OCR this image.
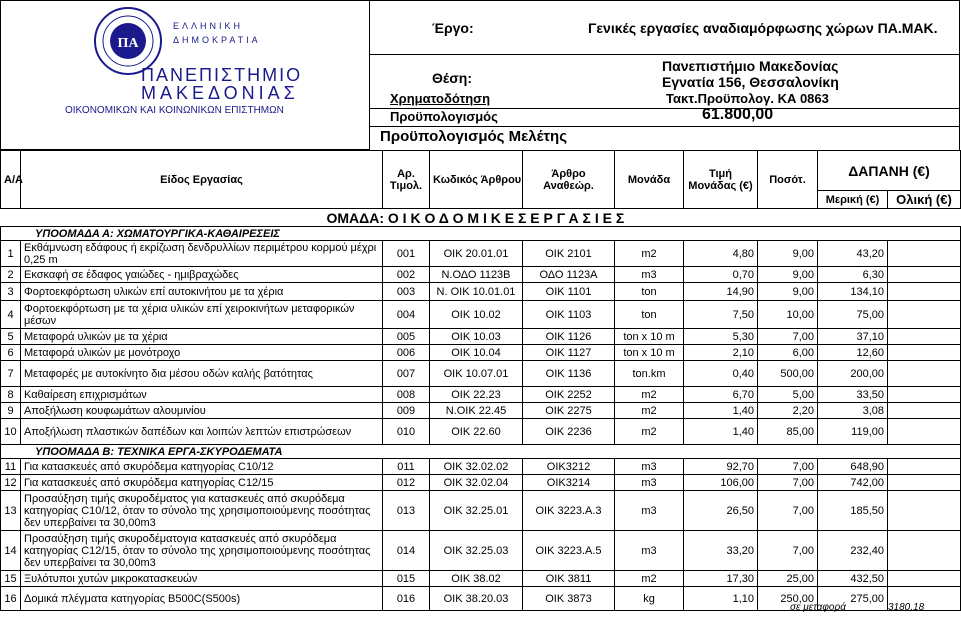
ΠΑ
ΕΛΛΗΝΙΚΗ
ΔΗΜΟΚΡΑΤΙΑ
ΠΑΝΕΠΙΣΤΗΜΙΟ
ΜΑΚΕΔΟΝΙΑΣ
ΟΙΚΟΝΟΜΙΚΩΝ ΚΑΙ ΚΟΙΝΩΝΙΚΩΝ ΕΠΙΣΤΗΜΩΝ
Έργο:	Γενικές εργασίες αναδιαμόρφωσης χώρων ΠΑ.ΜΑΚ.
Θέση:
Πανεπιστήμιο Μακεδονίας
Εγνατία 156, Θεσσαλονίκη
Χρηματοδότηση	Τακτ.Προϋπολογ. ΚΑ 0863
Προϋπολογισμός	61.800,00
Προϋπολογισμός Μελέτης
Α/Α	Είδος Εργασίας	Αρ. Τιμολ.	Κωδικός Άρθρου	Άρθρο Αναθεώρ.	Μονάδα	Τιμή Μονάδας (€)	Ποσότ.	ΔΑΠΑΝΗ (€)	
								Μερική (€)	Ολική (€)
ΟΜΑΔΑ: Ο Ι Κ Ο Δ Ο Μ Ι Κ Ε Σ Ε Ρ Γ Α Σ Ι Ε Σ									
ΥΠΟΟΜΑΔΑ Α: ΧΩΜΑΤΟΥΡΓΙΚΑ-ΚΑΘΑΙΡΕΣΕΙΣ									
1	Εκθάμνωση εδάφους ή εκρίζωση δενδρυλλίων περιμέτρου κορμού μέχρι 0,25 m	001	ΟΙΚ 20.01.01	ΟΙΚ 2101	m2	4,80	9,00	43,20	
2	Εκσκαφή σε έδαφος γαιώδες - ημιβραχώδες	002	Ν.ΟΔΟ 1123Β	ΟΔΟ 1123Α	m3	0,70	9,00	6,30	
3	Φορτοεκφόρτωση υλικών επί αυτοκινήτου με τα χέρια	003	Ν. ΟΙΚ 10.01.01	ΟΙΚ 1101	ton	14,90	9,00	134,10	
4	Φορτοεκφόρτωση με τα χέρια υλικών επί χειροκινήτων μεταφορικών μέσων	004	ΟΙΚ 10.02	ΟΙΚ 1103	ton	7,50	10,00	75,00	
5	Μεταφορά υλικών με τα χέρια	005	ΟΙΚ 10.03	ΟΙΚ 1126	ton x 10 m	5,30	7,00	37,10	
6	Μεταφορά υλικών με μονότροχο	006	ΟΙΚ 10.04	ΟΙΚ 1127	ton x 10 m	2,10	6,00	12,60	
7	Μεταφορές με αυτοκίνητο δια μέσου οδών καλής βατότητας	007	ΟΙΚ 10.07.01	ΟΙΚ 1136	ton.km	0,40	500,00	200,00	
8	Καθαίρεση επιχρισμάτων	008	ΟΙΚ 22.23	ΟΙΚ 2252	m2	6,70	5,00	33,50	
9	Αποξήλωση κουφωμάτων αλουμινίου	009	Ν.ΟΙΚ 22.45	ΟΙΚ 2275	m2	1,40	2,20	3,08	
10	Αποξήλωση πλαστικών δαπέδων και λοιπών λεπτών επιστρώσεων	010	ΟΙΚ 22.60	ΟΙΚ 2236	m2	1,40	85,00	119,00	
ΥΠΟΟΜΑΔΑ Β: ΤΕΧΝΙΚΑ ΕΡΓΑ-ΣΚΥΡΟΔΕΜΑΤΑ									
11	Για κατασκευές από σκυρόδεμα κατηγορίας C10/12	011	ΟΙΚ 32.02.02	ΟΙΚ3212	m3	92,70	7,00	648,90	
12	Για κατασκευές από σκυρόδεμα κατηγορίας C12/15	012	ΟΙΚ 32.02.04	ΟΙΚ3214	m3	106,00	7,00	742,00	
13	Προσαύξηση τιμής σκυροδέματος για κατασκευές από σκυρόδεμα κατηγορίας C10/12, όταν το σύνολο της χρησιμοποιούμενης ποσότητας δεν υπερβαίνει τα 30,00m3	013	ΟΙΚ 32.25.01	ΟΙΚ 3223.Α.3	m3	26,50	7,00	185,50	
14	Προσαύξηση τιμής σκυροδέματογια κατασκευές από σκυρόδεμα κατηγορίας C12/15, όταν το σύνολο της χρησιμοποιούμενης ποσότητας δεν υπερβαίνει τα 30,00m3	014	ΟΙΚ 32.25.03	ΟΙΚ 3223.Α.5	m3	33,20	7,00	232,40	
15	Ξυλότυποι χυτών μικροκατασκευών	015	ΟΙΚ 38.02	ΟΙΚ 3811	m2	17,30	25,00	432,50	
16	Δομικά πλέγματα κατηγορίας B500C(S500s)	016	ΟΙΚ 38.20.03	ΟΙΚ 3873	kg	1,10	250,00	275,00	
σε μεταφορά	3180,18
